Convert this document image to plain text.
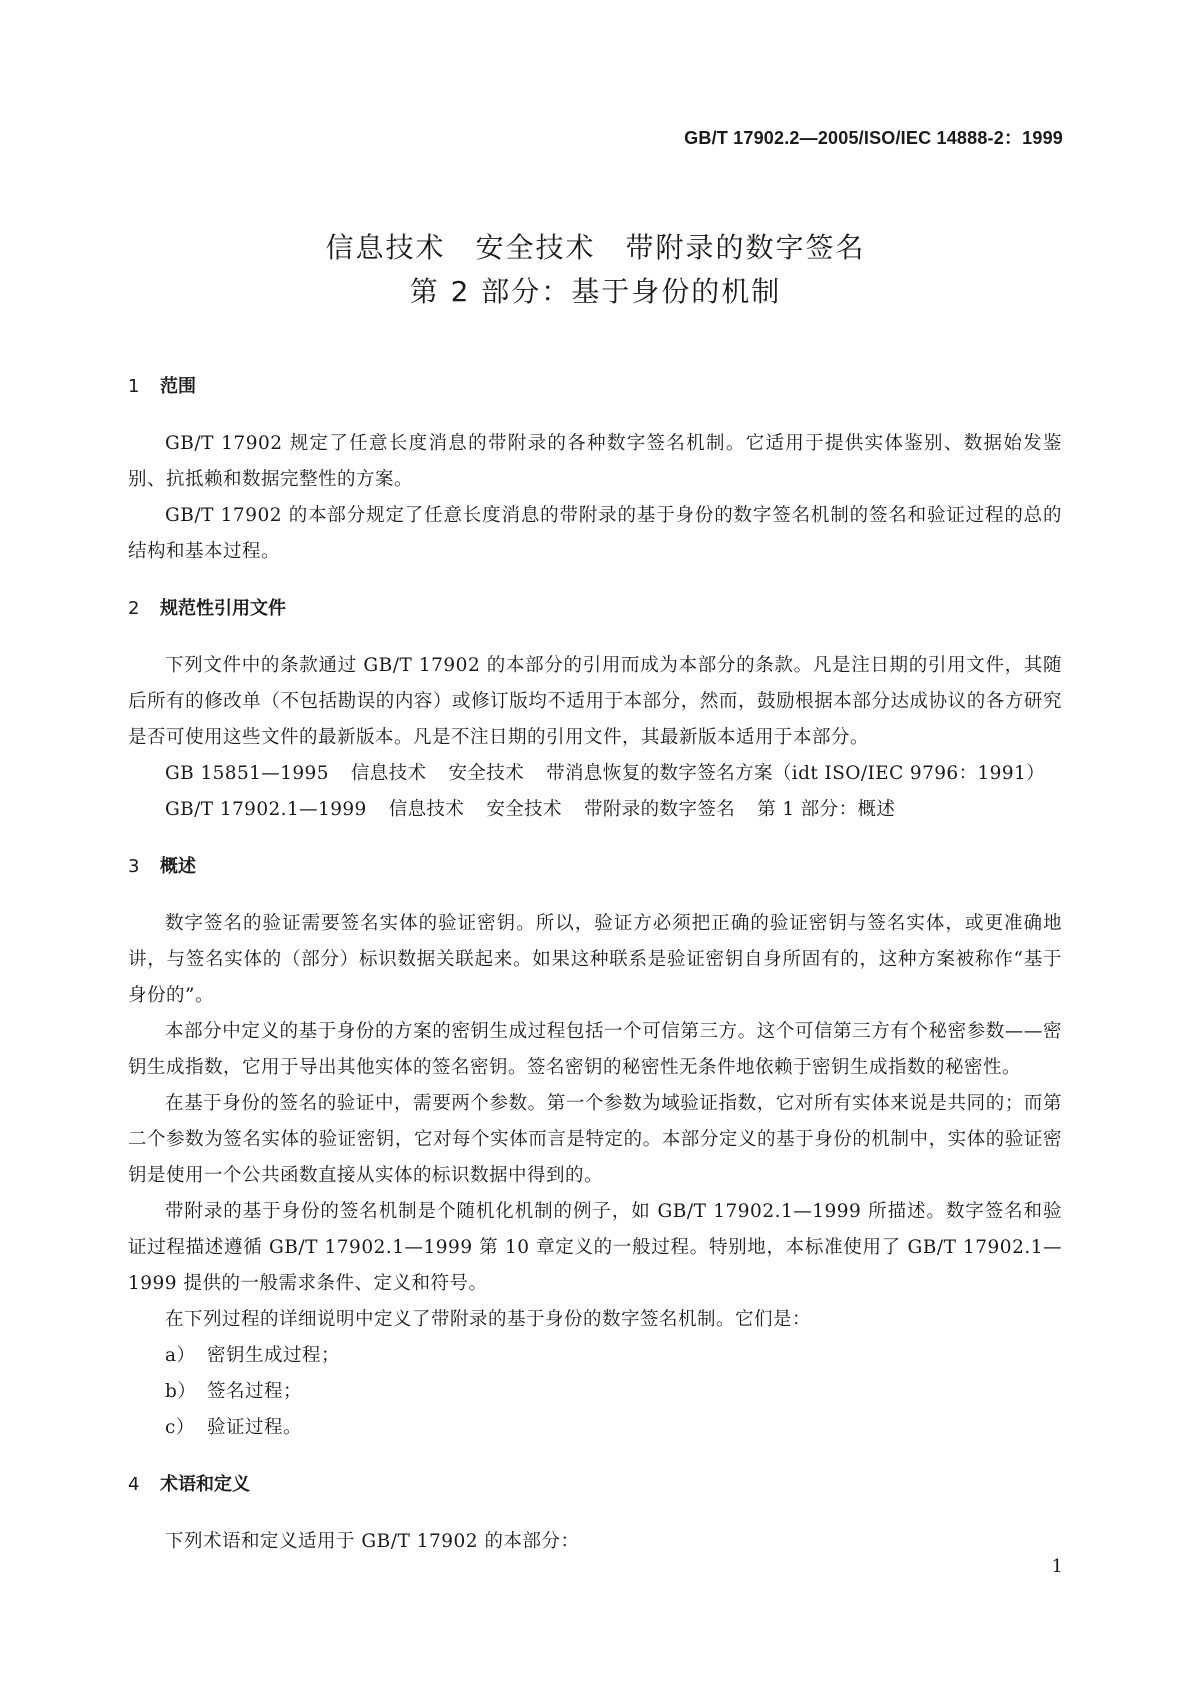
GB/T 17902.2—2005/ISO/IEC 14888-2：1999
信息技术 安全技术 带附录的数字签名
第 2 部分：基于身份的机制
1 范围

GB/T 17902 规定了任意长度消息的带附录的各种数字签名机制。它适用于提供实体鉴别、数据始发鉴别、抗抵赖和数据完整性的方案。

GB/T 17902 的本部分规定了任意长度消息的带附录的基于身份的数字签名机制的签名和验证过程的总的结构和基本过程。

2 规范性引用文件

下列文件中的条款通过 GB/T 17902 的本部分的引用而成为本部分的条款。凡是注日期的引用文件，其随后所有的修改单（不包括勘误的内容）或修订版均不适用于本部分，然而，鼓励根据本部分达成协议的各方研究是否可使用这些文件的最新版本。凡是不注日期的引用文件，其最新版本适用于本部分。

GB 15851—1995 信息技术 安全技术 带消息恢复的数字签名方案（idt ISO/IEC 9796：1991）
GB/T 17902.1—1999 信息技术 安全技术 带附录的数字签名 第 1 部分：概述
3 概述

数字签名的验证需要签名实体的验证密钥。所以，验证方必须把正确的验证密钥与签名实体，或更准确地讲，与签名实体的（部分）标识数据关联起来。如果这种联系是验证密钥自身所固有的，这种方案被称作“基于身份的”。

本部分中定义的基于身份的方案的密钥生成过程包括一个可信第三方。这个可信第三方有个秘密参数——密钥生成指数，它用于导出其他实体的签名密钥。签名密钥的秘密性无条件地依赖于密钥生成指数的秘密性。

在基于身份的签名的验证中，需要两个参数。第一个参数为域验证指数，它对所有实体来说是共同的；而第二个参数为签名实体的验证密钥，它对每个实体而言是特定的。本部分定义的基于身份的机制中，实体的验证密钥是使用一个公共函数直接从实体的标识数据中得到的。

带附录的基于身份的签名机制是个随机化机制的例子，如 GB/T 17902.1—1999 所描述。数字签名和验证过程描述遵循 GB/T 17902.1—1999 第 10 章定义的一般过程。特别地，本标准使用了 GB/T 17902.1—1999 提供的一般需求条件、定义和符号。

在下列过程的详细说明中定义了带附录的基于身份的数字签名机制。它们是：

a） 密钥生成过程；
b） 签名过程；
c） 验证过程。
4 术语和定义

下列术语和定义适用于 GB/T 17902 的本部分：

1
